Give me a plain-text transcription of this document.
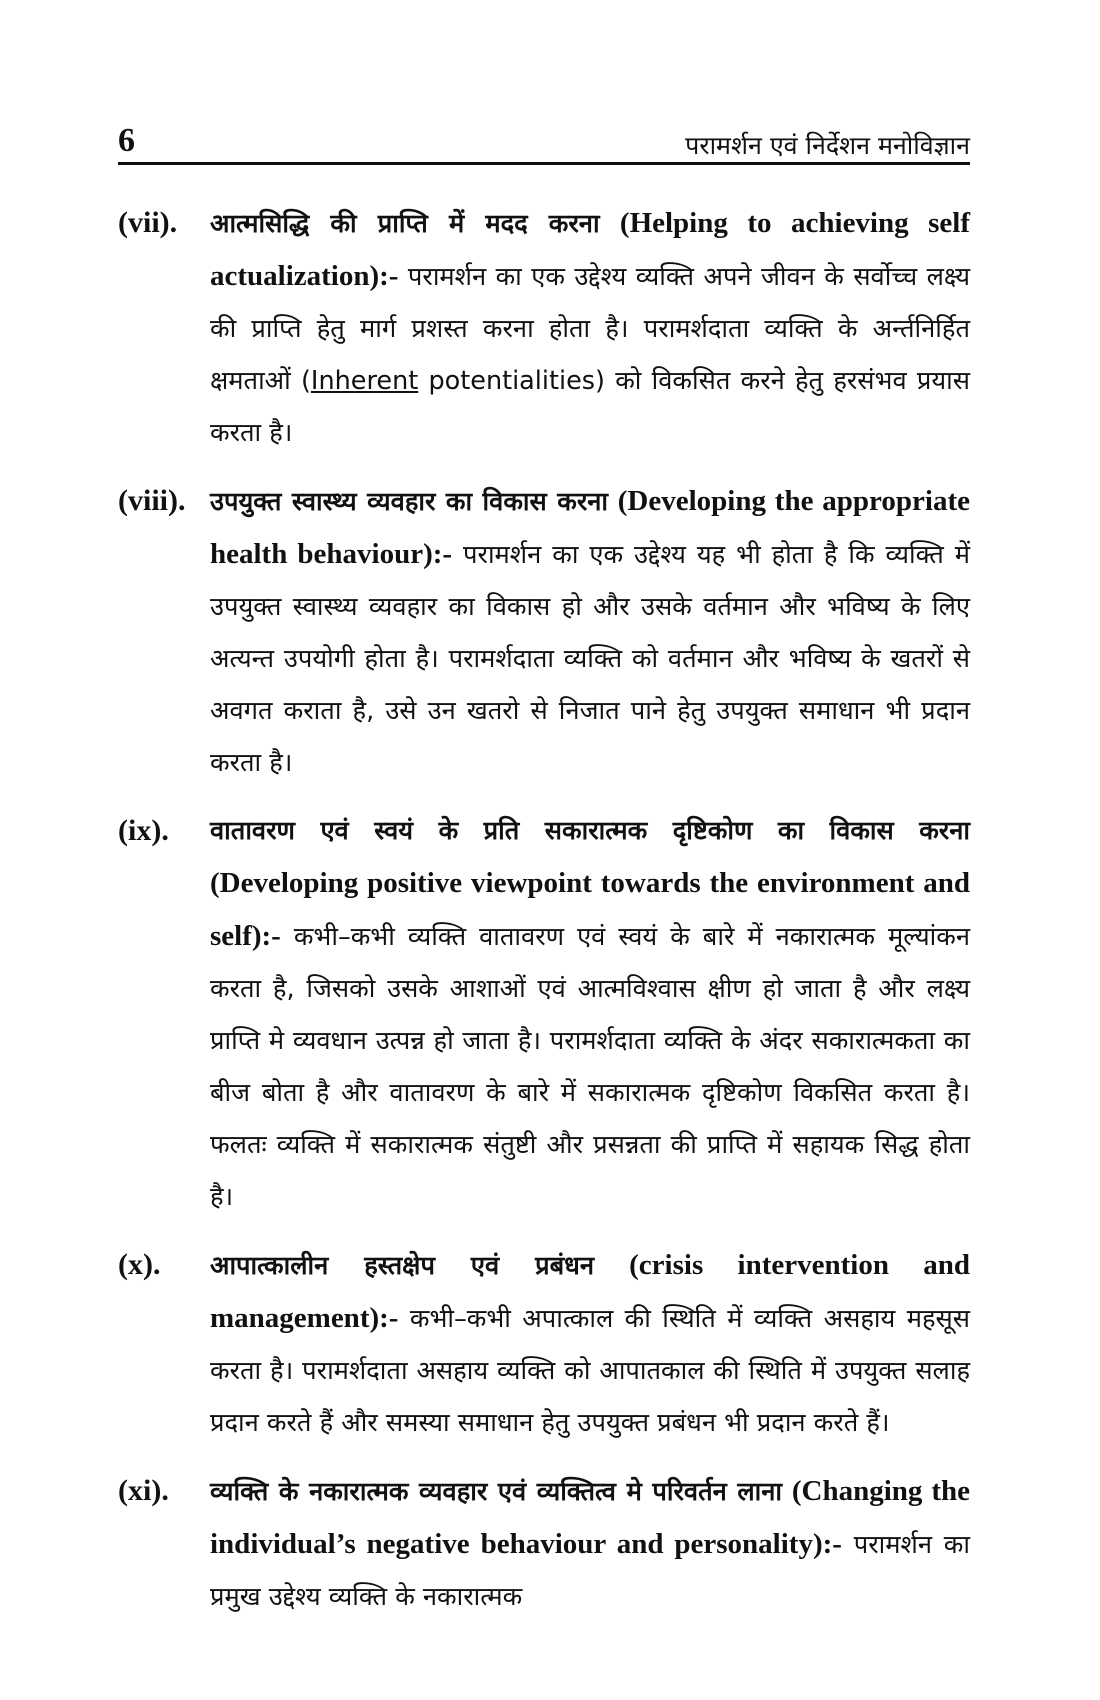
6	परामर्शन एवं निर्देशन मनोविज्ञान
(vii).	आत्मसिद्धि की प्राप्ति में मदद करना (Helping to achieving self actualization):- परामर्शन का एक उद्देश्य व्यक्ति अपने जीवन के सर्वोच्च लक्ष्य की प्राप्ति हेतु मार्ग प्रशस्त करना होता है। परामर्शदाता व्यक्ति के अर्न्तनिर्हित क्षमताओं (Inherent potentialities) को विकसित करने हेतु हरसंभव प्रयास करता है।
(viii). उपयुक्त स्वास्थ्य व्यवहार का विकास करना (Developing the appropriate health behaviour):- परामर्शन का एक उद्देश्य यह भी होता है कि व्यक्ति में उपयुक्त स्वास्थ्य व्यवहार का विकास हो और उसके वर्तमान और भविष्य के लिए अत्यन्त उपयोगी होता है। परामर्शदाता व्यक्ति को वर्तमान और भविष्य के खतरों से अवगत कराता है, उसे उन खतरो से निजात पाने हेतु उपयुक्त समाधान भी प्रदान करता है।
(ix).	वातावरण एवं स्वयं के प्रति सकारात्मक दृष्टिकोण का विकास करना (Developing positive viewpoint towards the environment and self):- कभी–कभी व्यक्ति वातावरण एवं स्वयं के बारे में नकारात्मक मूल्यांकन करता है, जिसको उसके आशाओं एवं आत्मविश्वास क्षीण हो जाता है और लक्ष्य प्राप्ति मे व्यवधान उत्पन्न हो जाता है। परामर्शदाता व्यक्ति के अंदर सकारात्मकता का बीज बोता है और वातावरण के बारे में सकारात्मक दृष्टिकोण विकसित करता है। फलतः व्यक्ति में सकारात्मक संतुष्टी और प्रसन्नता की प्राप्ति में सहायक सिद्ध होता है।
(x).	आपात्कालीन हस्तक्षेप एवं प्रबंधन (crisis intervention and management):- कभी–कभी अपात्काल की स्थिति में व्यक्ति असहाय महसूस करता है। परामर्शदाता असहाय व्यक्ति को आपातकाल की स्थिति में उपयुक्त सलाह प्रदान करते हैं और समस्या समाधान हेतु उपयुक्त प्रबंधन भी प्रदान करते हैं।
(xi).	व्यक्ति के नकारात्मक व्यवहार एवं व्यक्तित्व मे परिवर्तन लाना (Changing the individual’s negative behaviour and personality):- परामर्शन का प्रमुख उद्देश्य व्यक्ति के नकारात्मक
